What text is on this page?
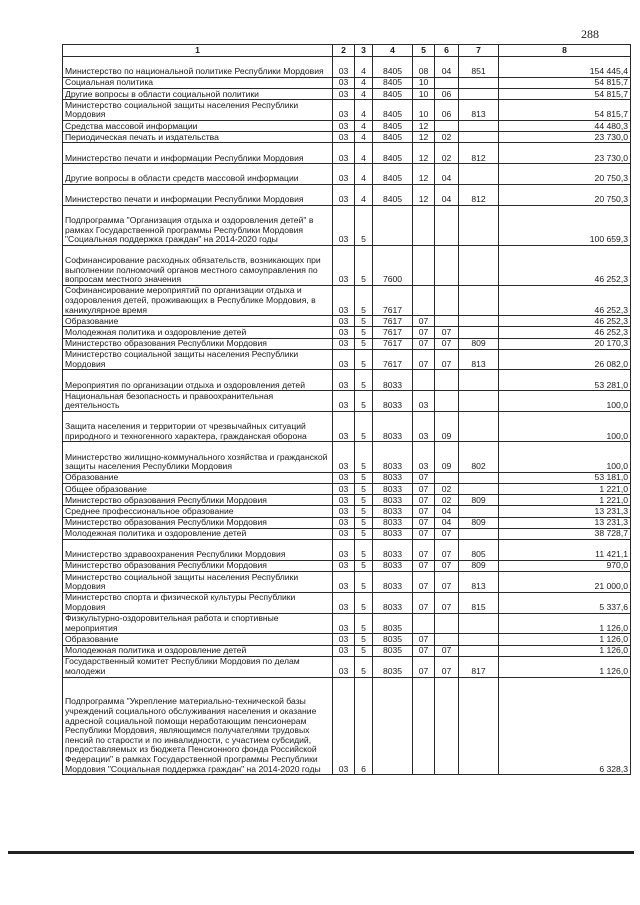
288
1	2	3	4	5	6	7	8
Министерство по национальной политике Республики Мордовия	03	4	8405	08	04	851	154 445,4
Социальная политика	03	4	8405	10			54 815,7
Другие вопросы в области социальной политики	03	4	8405	10	06		54 815,7
Министерство социальной защиты населения Республики Мордовия	03	4	8405	10	06	813	54 815,7
Средства массовой информации	03	4	8405	12			44 480,3
Периодическая печать и издательства	03	4	8405	12	02		23 730,0
Министерство печати и информации Республики Мордовия	03	4	8405	12	02	812	23 730,0
Другие вопросы в области средств массовой информации	03	4	8405	12	04		20 750,3
Министерство печати и информации Республики Мордовия	03	4	8405	12	04	812	20 750,3
Подпрограмма "Организация отдыха и оздоровления детей" в рамках Государственной программы Республики Мордовия "Социальная поддержка граждан" на 2014-2020 годы	03	5					100 659,3
Софинансирование расходных обязательств, возникающих при выполнении полномочий органов местного самоуправления по вопросам местного значения	03	5	7600				46 252,3
Софинансирование мероприятий по организации отдыха и оздоровления детей, проживающих в Республике Мордовия, в каникулярное время	03	5	7617				46 252,3
Образование	03	5	7617	07			46 252,3
Молодежная политика и оздоровление детей	03	5	7617	07	07		46 252,3
Министерство образования Республики Мордовия	03	5	7617	07	07	809	20 170,3
Министерство социальной защиты населения Республики Мордовия	03	5	7617	07	07	813	26 082,0
Мероприятия по организации отдыха и оздоровления детей	03	5	8033				53 281,0
Национальная безопасность и правоохранительная деятельность	03	5	8033	03			100,0
Защита населения и территории от чрезвычайных ситуаций природного и техногенного характера, гражданская оборона	03	5	8033	03	09		100,0
Министерство жилищно-коммунального хозяйства и гражданской защиты населения Республики Мордовия	03	5	8033	03	09	802	100,0
Образование	03	5	8033	07			53 181,0
Общее образование	03	5	8033	07	02		1 221,0
Министерство образования Республики Мордовия	03	5	8033	07	02	809	1 221,0
Среднее профессиональное образование	03	5	8033	07	04		13 231,3
Министерство образования Республики Мордовия	03	5	8033	07	04	809	13 231,3
Молодежная политика и оздоровление детей	03	5	8033	07	07		38 728,7
Министерство здравоохранения Республики Мордовия	03	5	8033	07	07	805	11 421,1
Министерство образования Республики Мордовия	03	5	8033	07	07	809	970,0
Министерство социальной защиты населения Республики Мордовия	03	5	8033	07	07	813	21 000,0
Министерство спорта и физической культуры Республики Мордовия	03	5	8033	07	07	815	5 337,6
Физкультурно-оздоровительная работа и спортивные мероприятия	03	5	8035				1 126,0
Образование	03	5	8035	07			1 126,0
Молодежная политика и оздоровление детей	03	5	8035	07	07		1 126,0
Государственный комитет Республики Мордовия по делам молодежи	03	5	8035	07	07	817	1 126,0
Подпрограмма "Укрепление материально-технической базы учреждений социального обслуживания населения и оказание адресной социальной помощи неработающим пенсионерам Республики Мордовия, являющимся получателями трудовых пенсий по старости и по инвалидности, с участием субсидий, предоставляемых из бюджета Пенсионного фонда Российской Федерации" в рамках Государственной программы Республики Мордовия "Социальная поддержка граждан" на 2014-2020 годы	03	6					6 328,3
